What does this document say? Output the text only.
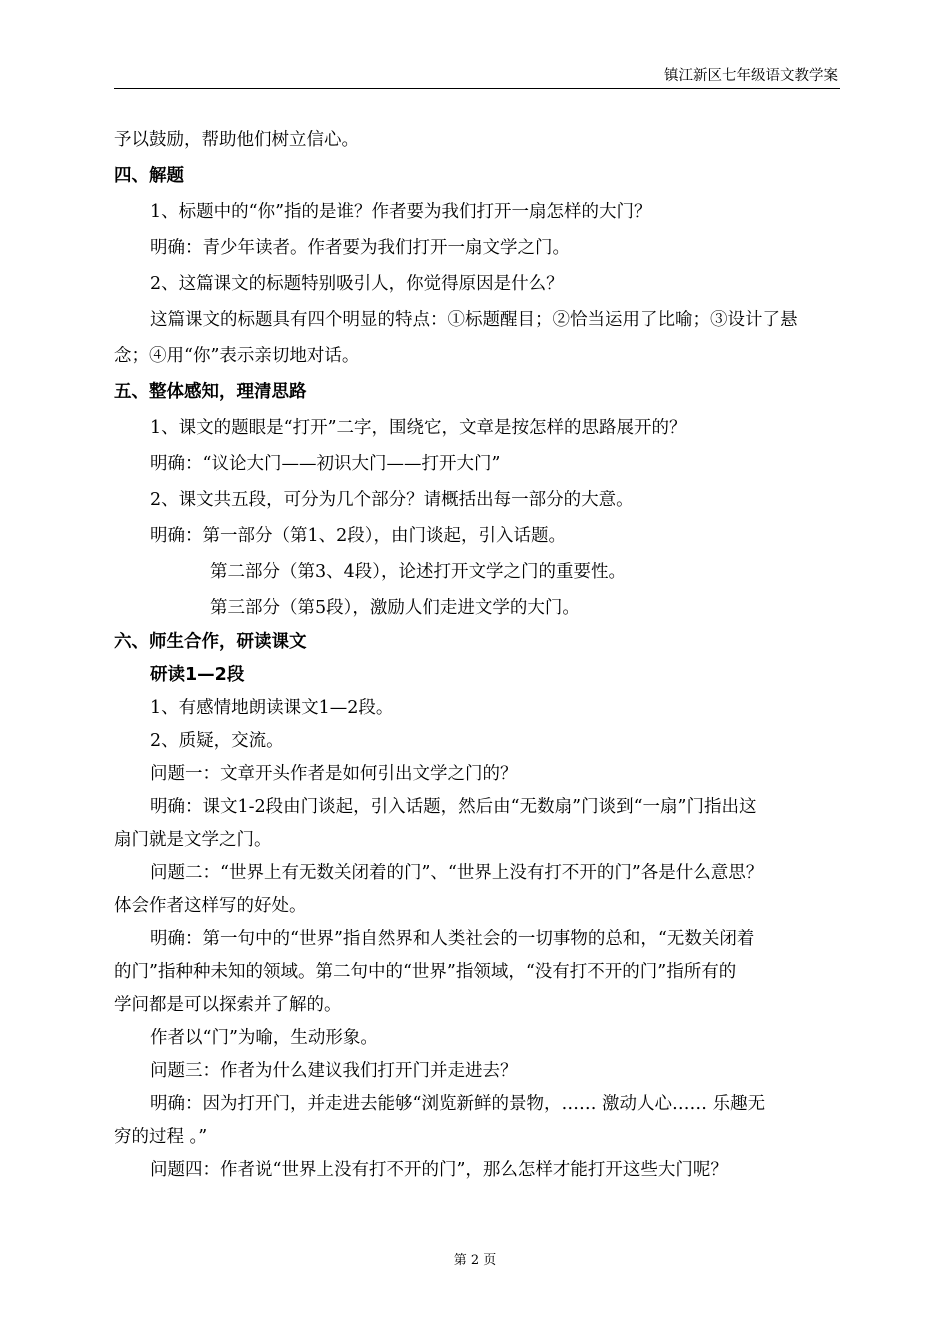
镇江新区七年级语文教学案
予以鼓励，帮助他们树立信心。
四、解题
1、标题中的“你”指的是谁？作者要为我们打开一扇怎样的大门？
明确：青少年读者。作者要为我们打开一扇文学之门。
2、这篇课文的标题特别吸引人，你觉得原因是什么？
这篇课文的标题具有四个明显的特点：①标题醒目；②恰当运用了比喻；③设计了悬
念；④用“你”表示亲切地对话。
五、整体感知，理清思路
1、课文的题眼是“打开”二字，围绕它，文章是按怎样的思路展开的？
明确：“议论大门——初识大门——打开大门”
2、课文共五段，可分为几个部分？请概括出每一部分的大意。
明确：第一部分（第1、2段），由门谈起，引入话题。
第二部分（第3、4段），论述打开文学之门的重要性。
第三部分（第5段），激励人们走进文学的大门。
六、师生合作，研读课文
研读1—2段
1、有感情地朗读课文1—2段。
2、质疑，交流。
问题一：文章开头作者是如何引出文学之门的？
明确：课文1-2段由门谈起，引入话题，然后由“无数扇”门谈到“一扇”门指出这
扇门就是文学之门。
问题二：“世界上有无数关闭着的门”、“世界上没有打不开的门”各是什么意思？
体会作者这样写的好处。
明确：第一句中的“世界”指自然界和人类社会的一切事物的总和，“无数关闭着
的门”指种种未知的领域。第二句中的“世界”指领域，“没有打不开的门”指所有的
学问都是可以探索并了解的。
作者以“门”为喻，生动形象。
问题三：作者为什么建议我们打开门并走进去？
明确：因为打开门，并走进去能够“浏览新鲜的景物，…… 激动人心…… 乐趣无
穷的过程 。”
问题四：作者说“世界上没有打不开的门”，那么怎样才能打开这些大门呢？
第 2 页
